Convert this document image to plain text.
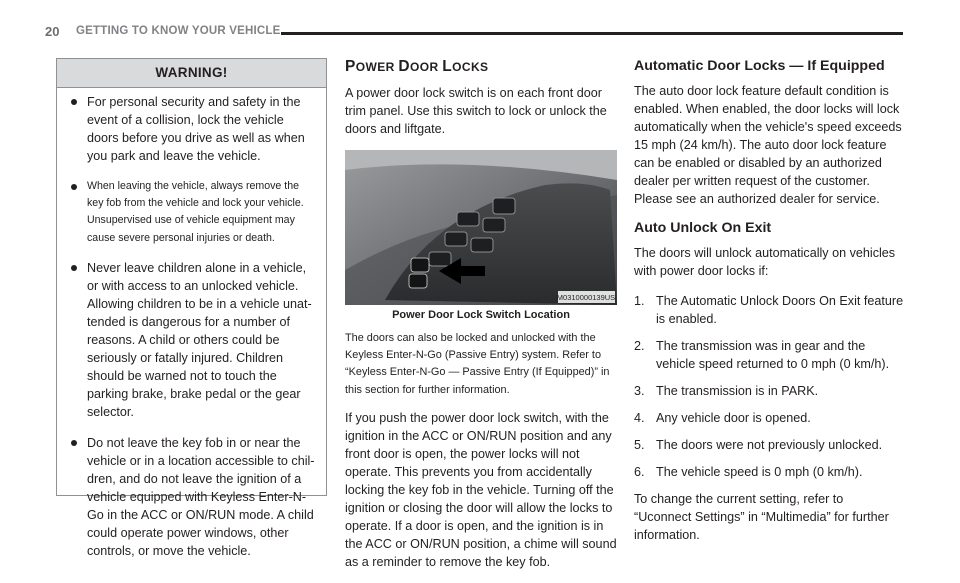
20 GETTING TO KNOW YOUR VEHICLE
WARNING!
For personal security and safety in the event of a collision, lock the vehicle doors before you drive as well as when you park and leave the vehicle.
When leaving the vehicle, always remove the key fob from the vehicle and lock your vehicle. Unsupervised use of vehicle equipment may cause severe personal injuries or death.
Never leave children alone in a vehicle, or with access to an unlocked vehicle. Allowing children to be in a vehicle unat-tended is dangerous for a number of reasons. A child or others could be seriously or fatally injured. Children should be warned not to touch the parking brake, brake pedal or the gear selector.
Do not leave the key fob in or near the vehicle or in a location accessible to chil-dren, and do not leave the ignition of a vehicle equipped with Keyless Enter-N-Go in the ACC or ON/RUN mode. A child could operate power windows, other controls, or move the vehicle.
POWER DOOR LOCKS

A power door lock switch is on each front door trim panel. Use this switch to lock or unlock the doors and liftgate.

M0310000139US
Power Door Lock Switch Location

The doors can also be locked and unlocked with the Keyless Enter-N-Go (Passive Entry) system. Refer to “Keyless Enter-N-Go — Passive Entry (If Equipped)” in this section for further information.

If you push the power door lock switch, with the ignition in the ACC or ON/RUN position and any front door is open, the power locks will not operate. This prevents you from accidentally locking the key fob in the vehicle. Turning off the ignition or closing the door will allow the locks to operate. If a door is open, and the ignition is in the ACC or ON/RUN position, a chime will sound as a reminder to remove the key fob.

Automatic Door Locks — If Equipped

The auto door lock feature default condition is enabled. When enabled, the door locks will lock automatically when the vehicle's speed exceeds 15 mph (24 km/h). The auto door lock feature can be enabled or disabled by an authorized dealer per written request of the customer. Please see an authorized dealer for service.

Auto Unlock On Exit

The doors will unlock automatically on vehicles with power door locks if:

1. The Automatic Unlock Doors On Exit feature is enabled.
2. The transmission was in gear and the vehicle speed returned to 0 mph (0 km/h).
3. The transmission is in PARK.
4. Any vehicle door is opened.
5. The doors were not previously unlocked.
6. The vehicle speed is 0 mph (0 km/h).

To change the current setting, refer to “Uconnect Settings” in “Multimedia” for further information.
